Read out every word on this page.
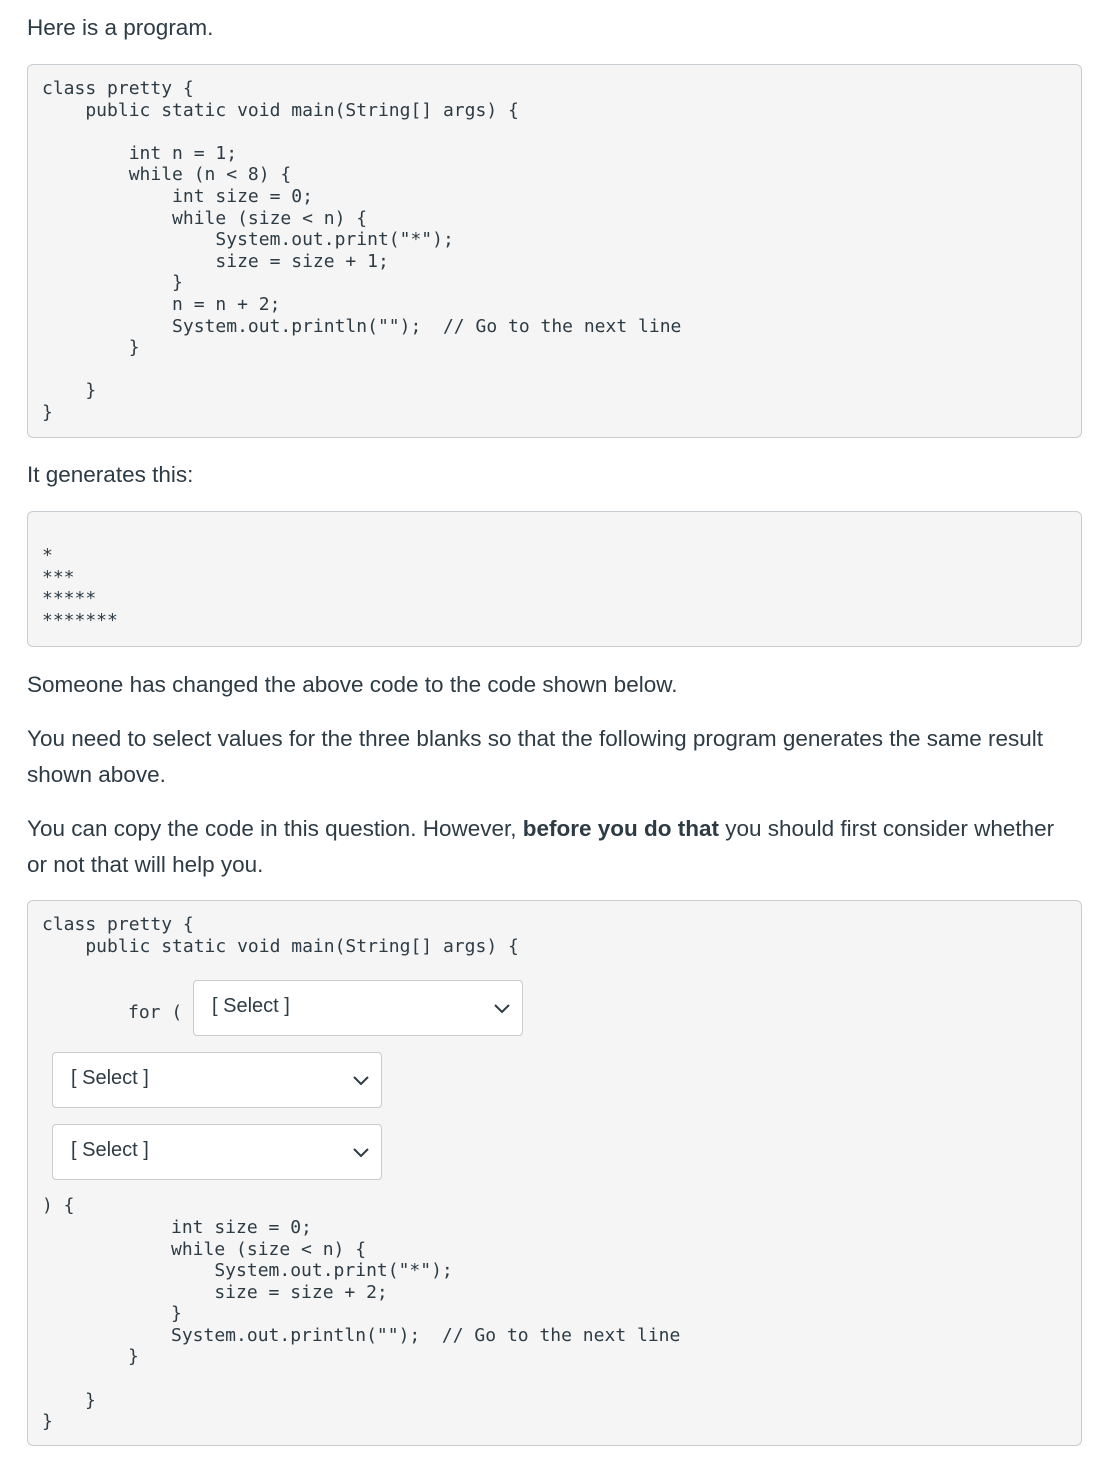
Here is a program.

class pretty {
public static void main(String[] args) {

int n = 1;
while (n < 8) {
int size = 0;
while (size < n) {
System.out.print("*");
size = size + 1;
}
n = n + 2;
System.out.println("");  // Go to the next line
}

}
}

It generates this:

*
***
*****
*******

Someone has changed the above code to the code shown below.

You need to select values for the three blanks so that the following program generates the same result shown above.

You can copy the code in this question. However, before you do that you should first consider whether or not that will help you.

class pretty {
public static void main(String[] args) {
for ( [ Select ]
[ Select ]
[ Select ]
) {
int size = 0;
while (size < n) {
System.out.print("*");
size = size + 2;
}
System.out.println("");  // Go to the next line
}
}
}
